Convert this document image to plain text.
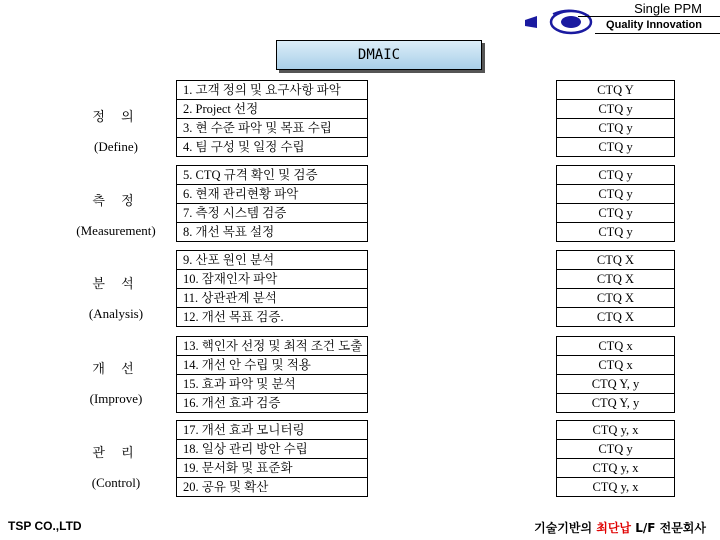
Single PPM
Quality Innovation
DMAIC
정 의
(Define)
1. 고객 정의 및 요구사항 파악
2. Project 선정
3. 현 수준 파악 및 목표 수립
4. 팀 구성 및 일정 수립
CTQ Y
CTQ y
CTQ y
CTQ y
측 정
(Measurement)
5. CTQ 규격 확인 및 검증
6. 현재 관리현황 파악
7. 측정 시스템 검증
8. 개선 목표 설정
CTQ y
CTQ y
CTQ y
CTQ y
분 석
(Analysis)
9. 산포 원인 분석
10. 잠재인자 파악
11. 상관관계 분석
12. 개선 목표 검증.
CTQ X
CTQ X
CTQ X
CTQ X
개 선
(Improve)
13. 핵인자 선정 및 최적 조건 도출
14. 개선 안 수립 및 적용
15. 효과 파악 및 분석
16. 개선 효과 검증
CTQ x
CTQ x
CTQ Y, y
CTQ Y, y
관 리
(Control)
17. 개선 효과 모니터링
18. 일상 관리 방안 수립
19. 문서화 및 표준화
20. 공유 및 확산
CTQ y, x
CTQ y
CTQ y, x
CTQ y, x
TSP CO.,LTD	기술기반의 최단납 L/F 전문회사
